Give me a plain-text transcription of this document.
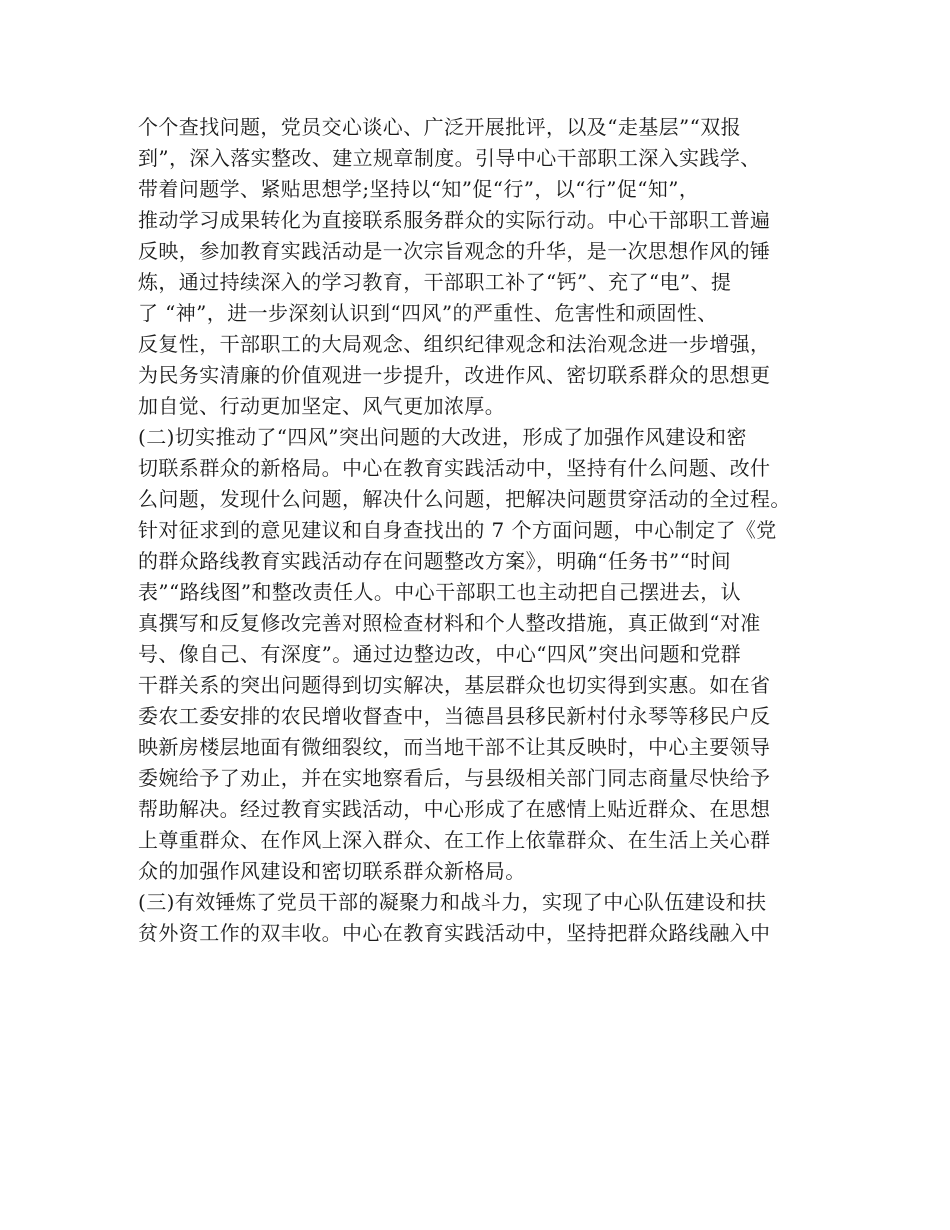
个个查找问题，党员交心谈心、广泛开展批评，以及“走基层”“双报
到”，深入落实整改、建立规章制度。引导中心干部职工深入实践学、
带着问题学、紧贴思想学;坚持以“知”促“行”，以“行”促“知”，
推动学习成果转化为直接联系服务群众的实际行动。中心干部职工普遍
反映，参加教育实践活动是一次宗旨观念的升华，是一次思想作风的锤
炼，通过持续深入的学习教育，干部职工补了“钙”、充了“电”、提
了 “神”，进一步深刻认识到“四风”的严重性、危害性和顽固性、
反复性，干部职工的大局观念、组织纪律观念和法治观念进一步增强，
为民务实清廉的价值观进一步提升，改进作风、密切联系群众的思想更
加自觉、行动更加坚定、风气更加浓厚。
(二)切实推动了“四风”突出问题的大改进，形成了加强作风建设和密
切联系群众的新格局。中心在教育实践活动中，坚持有什么问题、改什
么问题，发现什么问题，解决什么问题，把解决问题贯穿活动的全过程。
针对征求到的意见建议和自身查找出的 7 个方面问题，中心制定了《党
的群众路线教育实践活动存在问题整改方案》，明确“任务书”“时间
表”“路线图”和整改责任人。中心干部职工也主动把自己摆进去，认
真撰写和反复修改完善对照检查材料和个人整改措施，真正做到“对准
号、像自己、有深度”。通过边整边改，中心“四风”突出问题和党群
干群关系的突出问题得到切实解决，基层群众也切实得到实惠。如在省
委农工委安排的农民增收督查中，当德昌县移民新村付永琴等移民户反
映新房楼层地面有微细裂纹，而当地干部不让其反映时，中心主要领导
委婉给予了劝止，并在实地察看后，与县级相关部门同志商量尽快给予
帮助解决。经过教育实践活动，中心形成了在感情上贴近群众、在思想
上尊重群众、在作风上深入群众、在工作上依靠群众、在生活上关心群
众的加强作风建设和密切联系群众新格局。
(三)有效锤炼了党员干部的凝聚力和战斗力，实现了中心队伍建设和扶
贫外资工作的双丰收。中心在教育实践活动中，坚持把群众路线融入中
